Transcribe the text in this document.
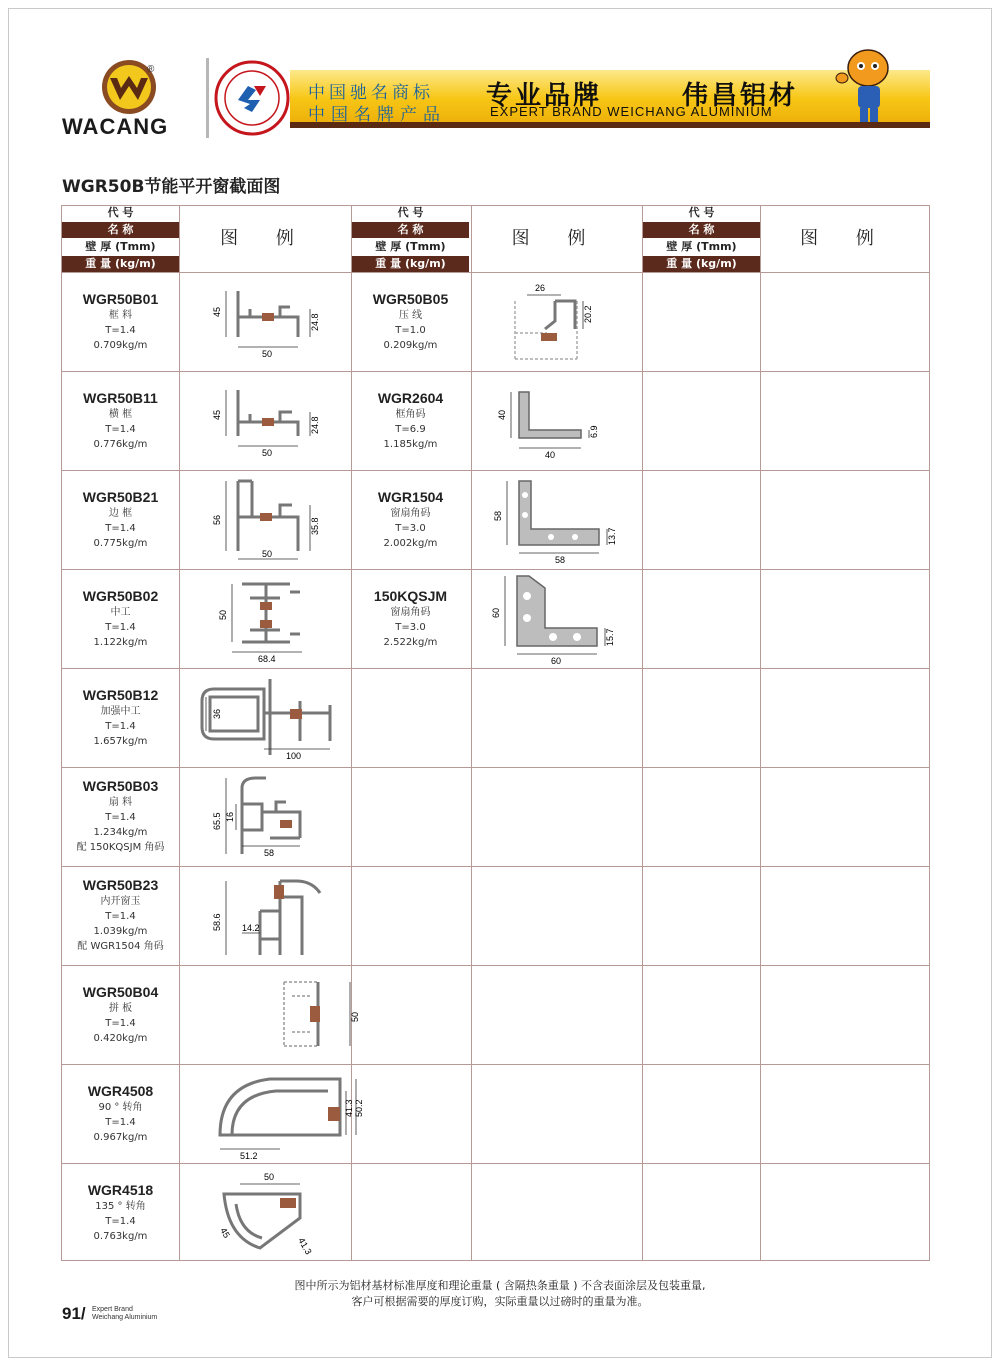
®
WACANG
中国驰名商标
中国名牌产品
专业品牌	伟昌铝材
EXPERT BRAND WEICHANG ALUMINIUM
WGR50B节能平开窗截面图
代 号
名 称
壁 厚 (Tmm)
重 量 (kg/m)
图 例
代 号
名 称
壁 厚 (Tmm)
重 量 (kg/m)
图 例
代 号
名 称
壁 厚 (Tmm)
重 量 (kg/m)
图 例
WGR50B01
框 料
T=1.4
0.709kg/m
45
24.8
50
WGR50B11
横 框
T=1.4
0.776kg/m
45
24.8
50
WGR50B21
边 框
T=1.4
0.775kg/m
56	35.8
50
WGR50B02
中工
T=1.4
1.122kg/m
50
68.4
WGR50B12
加强中工
T=1.4
1.657kg/m
36
100
WGR50B03
扇 料
T=1.4
1.234kg/m
配 150KQSJM 角码
65.5 16
58
WGR50B23
内开窗玉
T=1.4
1.039kg/m
配 WGR1504 角码
58.6 14.2
WGR50B04
拼 板
T=1.4
0.420kg/m
50
WGR4508
90 ° 转角
T=1.4
0.967kg/m
41.3 50.2
51.2
WGR4518
135 ° 转角
T=1.4
0.763kg/m
50
45
41.3
WGR50B05
压 线
T=1.0
0.209kg/m
26
20.2
WGR2604
框角码
T=6.9
1.185kg/m
40
6.9
40
WGR1504
窗扇角码
T=3.0
2.002kg/m
58
13.7
58
150KQSJM
窗扇角码
T=3.0
2.522kg/m
60
15.7
60
图中所示为铝材基材标准厚度和理论重量 ( 含隔热条重量 ) 不含表面涂层及包装重量,
客户可根据需要的厚度订购，实际重量以过磅时的重量为准。
91/ Expert Brand
Weichang Aluminium
